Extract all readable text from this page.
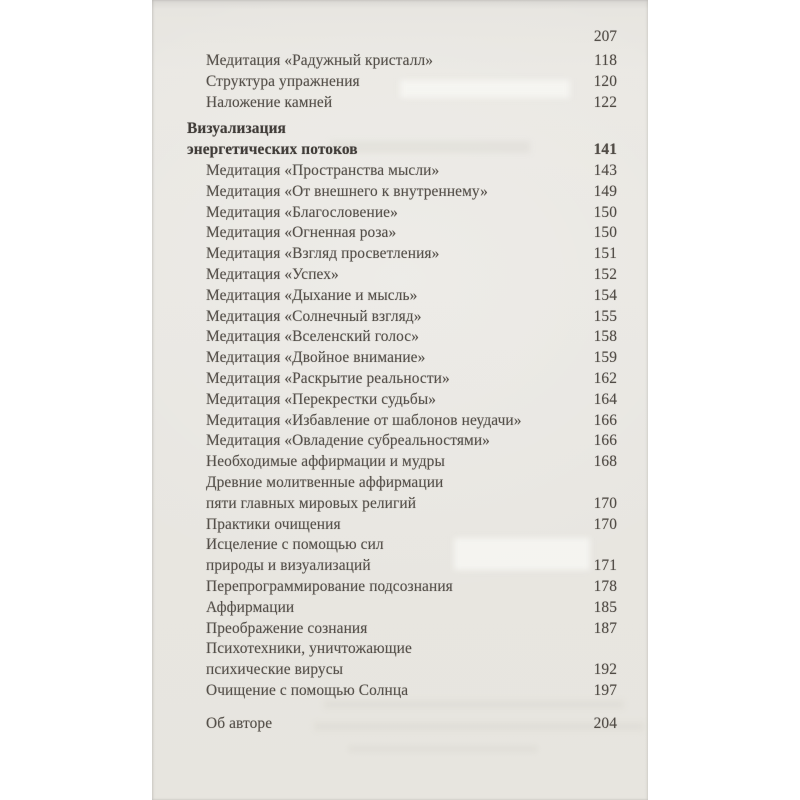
207
Медитация «Радужный кристалл»	118
Структура упражнения	120
Наложение камней	122
Визуализация
энергетических потоков	141
Медитация «Пространства мысли»	143
Медитация «От внешнего к внутреннему»	149
Медитация «Благословение»	150
Медитация «Огненная роза»	150
Медитация «Взгляд просветления»	151
Медитация «Успех»	152
Медитация «Дыхание и мысль»	154
Медитация «Солнечный взгляд»	155
Медитация «Вселенский голос»	158
Медитация «Двойное внимание»	159
Медитация «Раскрытие реальности»	162
Медитация «Перекрестки судьбы»	164
Медитация «Избавление от шаблонов неудачи»	166
Медитация «Овладение субреальностями»	166
Необходимые аффирмации и мудры	168
Древние молитвенные аффирмации
пяти главных мировых религий	170
Практики очищения	170
Исцеление с помощью сил
природы и визуализаций	171
Перепрограммирование подсознания	178
Аффирмации	185
Преображение сознания	187
Психотехники, уничтожающие
психические вирусы	192
Очищение с помощью Солнца	197
Об авторе	204
